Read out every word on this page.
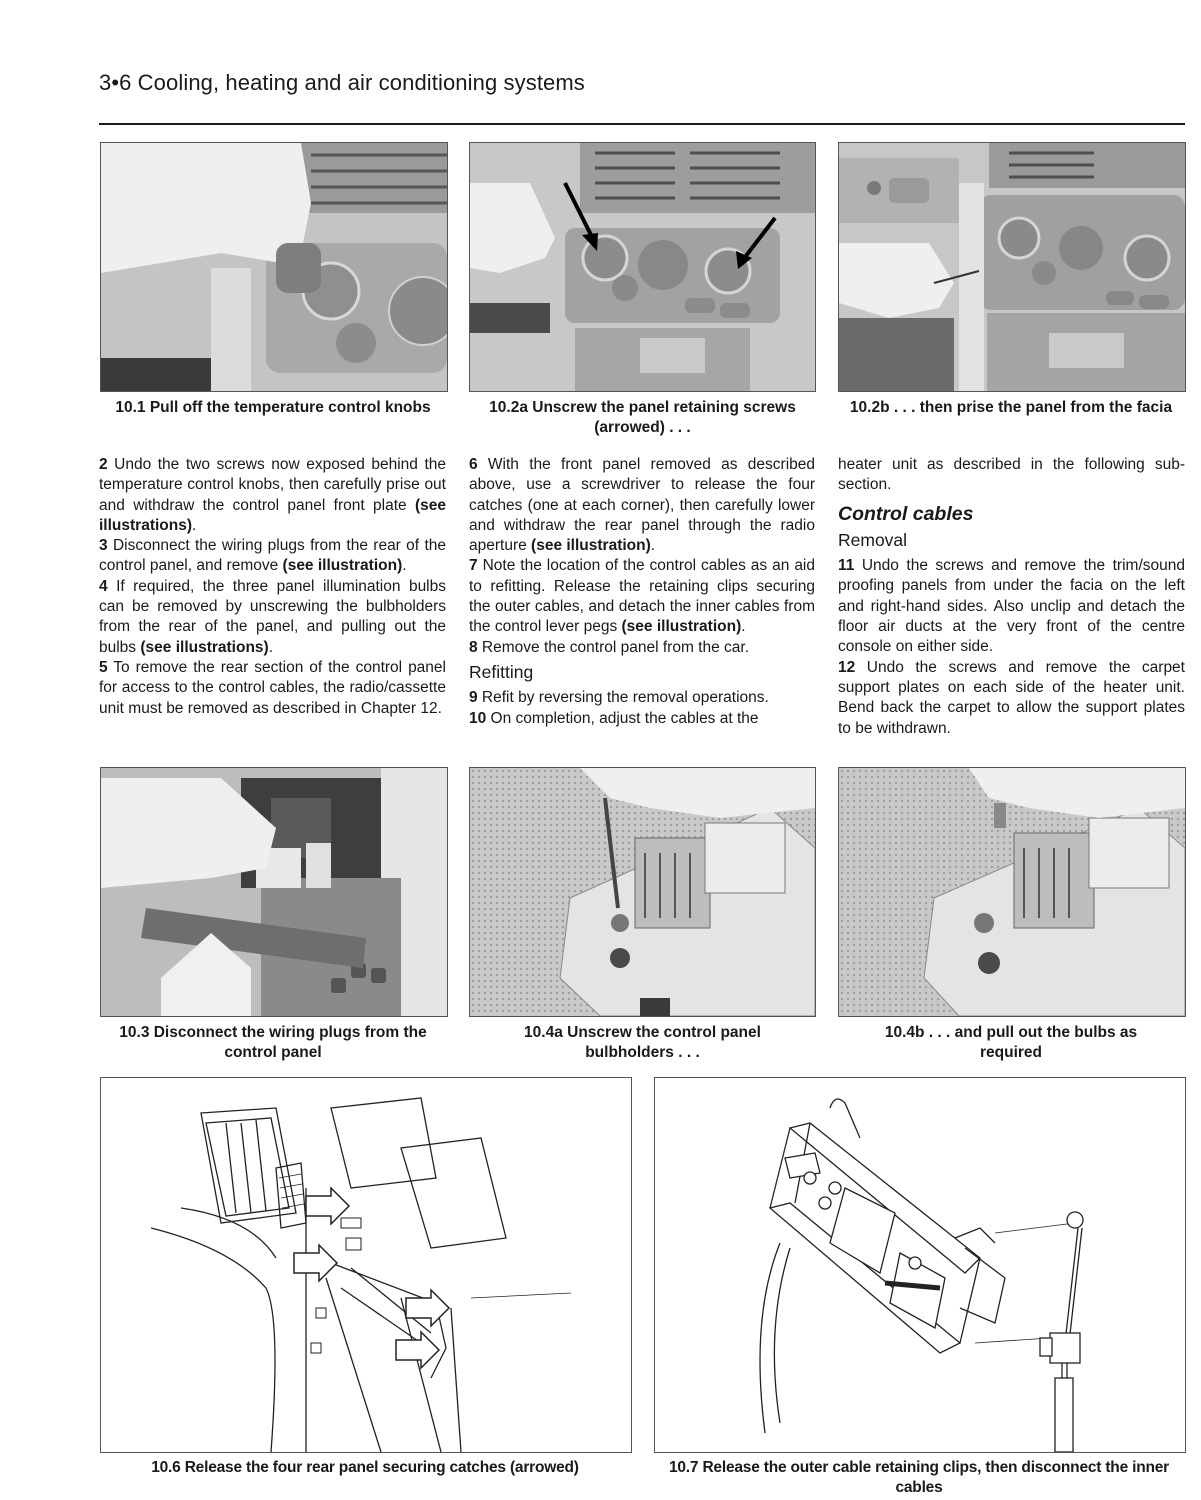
3•6 Cooling, heating and air conditioning systems
10.1 Pull off the temperature control knobs	10.2a Unscrew the panel retaining screws (arrowed) . . .
10.2b . . . then prise the panel from the facia

2 Undo the two screws now exposed behind the temperature control knobs, then carefully prise out and withdraw the control panel front plate (see illustrations).

3 Disconnect the wiring plugs from the rear of the control panel, and remove (see illustration).

4 If required, the three panel illumination bulbs can be removed by unscrewing the bulbholders from the rear of the panel, and pulling out the bulbs (see illustrations).

5 To remove the rear section of the control panel for access to the control cables, the radio/cassette unit must be removed as described in Chapter 12.

6 With the front panel removed as described above, use a screwdriver to release the four catches (one at each corner), then carefully lower and withdraw the rear panel through the radio aperture (see illustration).

7 Note the location of the control cables as an aid to refitting. Release the retaining clips securing the outer cables, and detach the inner cables from the control lever pegs (see illustration).

8 Remove the control panel from the car.

Refitting

9 Refit by reversing the removal operations.

10 On completion, adjust the cables at the

heater unit as described in the following sub-section.

Control cables
Removal

11 Undo the screws and remove the trim/sound proofing panels from under the facia on the left and right-hand sides. Also unclip and detach the floor air ducts at the very front of the centre console on either side.

12 Undo the screws and remove the carpet support plates on each side of the heater unit. Bend back the carpet to allow the support plates to be withdrawn.

10.3 Disconnect the wiring plugs from the control panel
10.4a Unscrew the control panel bulbholders . . .
10.4b . . . and pull out the bulbs as required
10.6 Release the four rear panel securing catches (arrowed)	10.7 Release the outer cable retaining clips, then disconnect the inner cables
